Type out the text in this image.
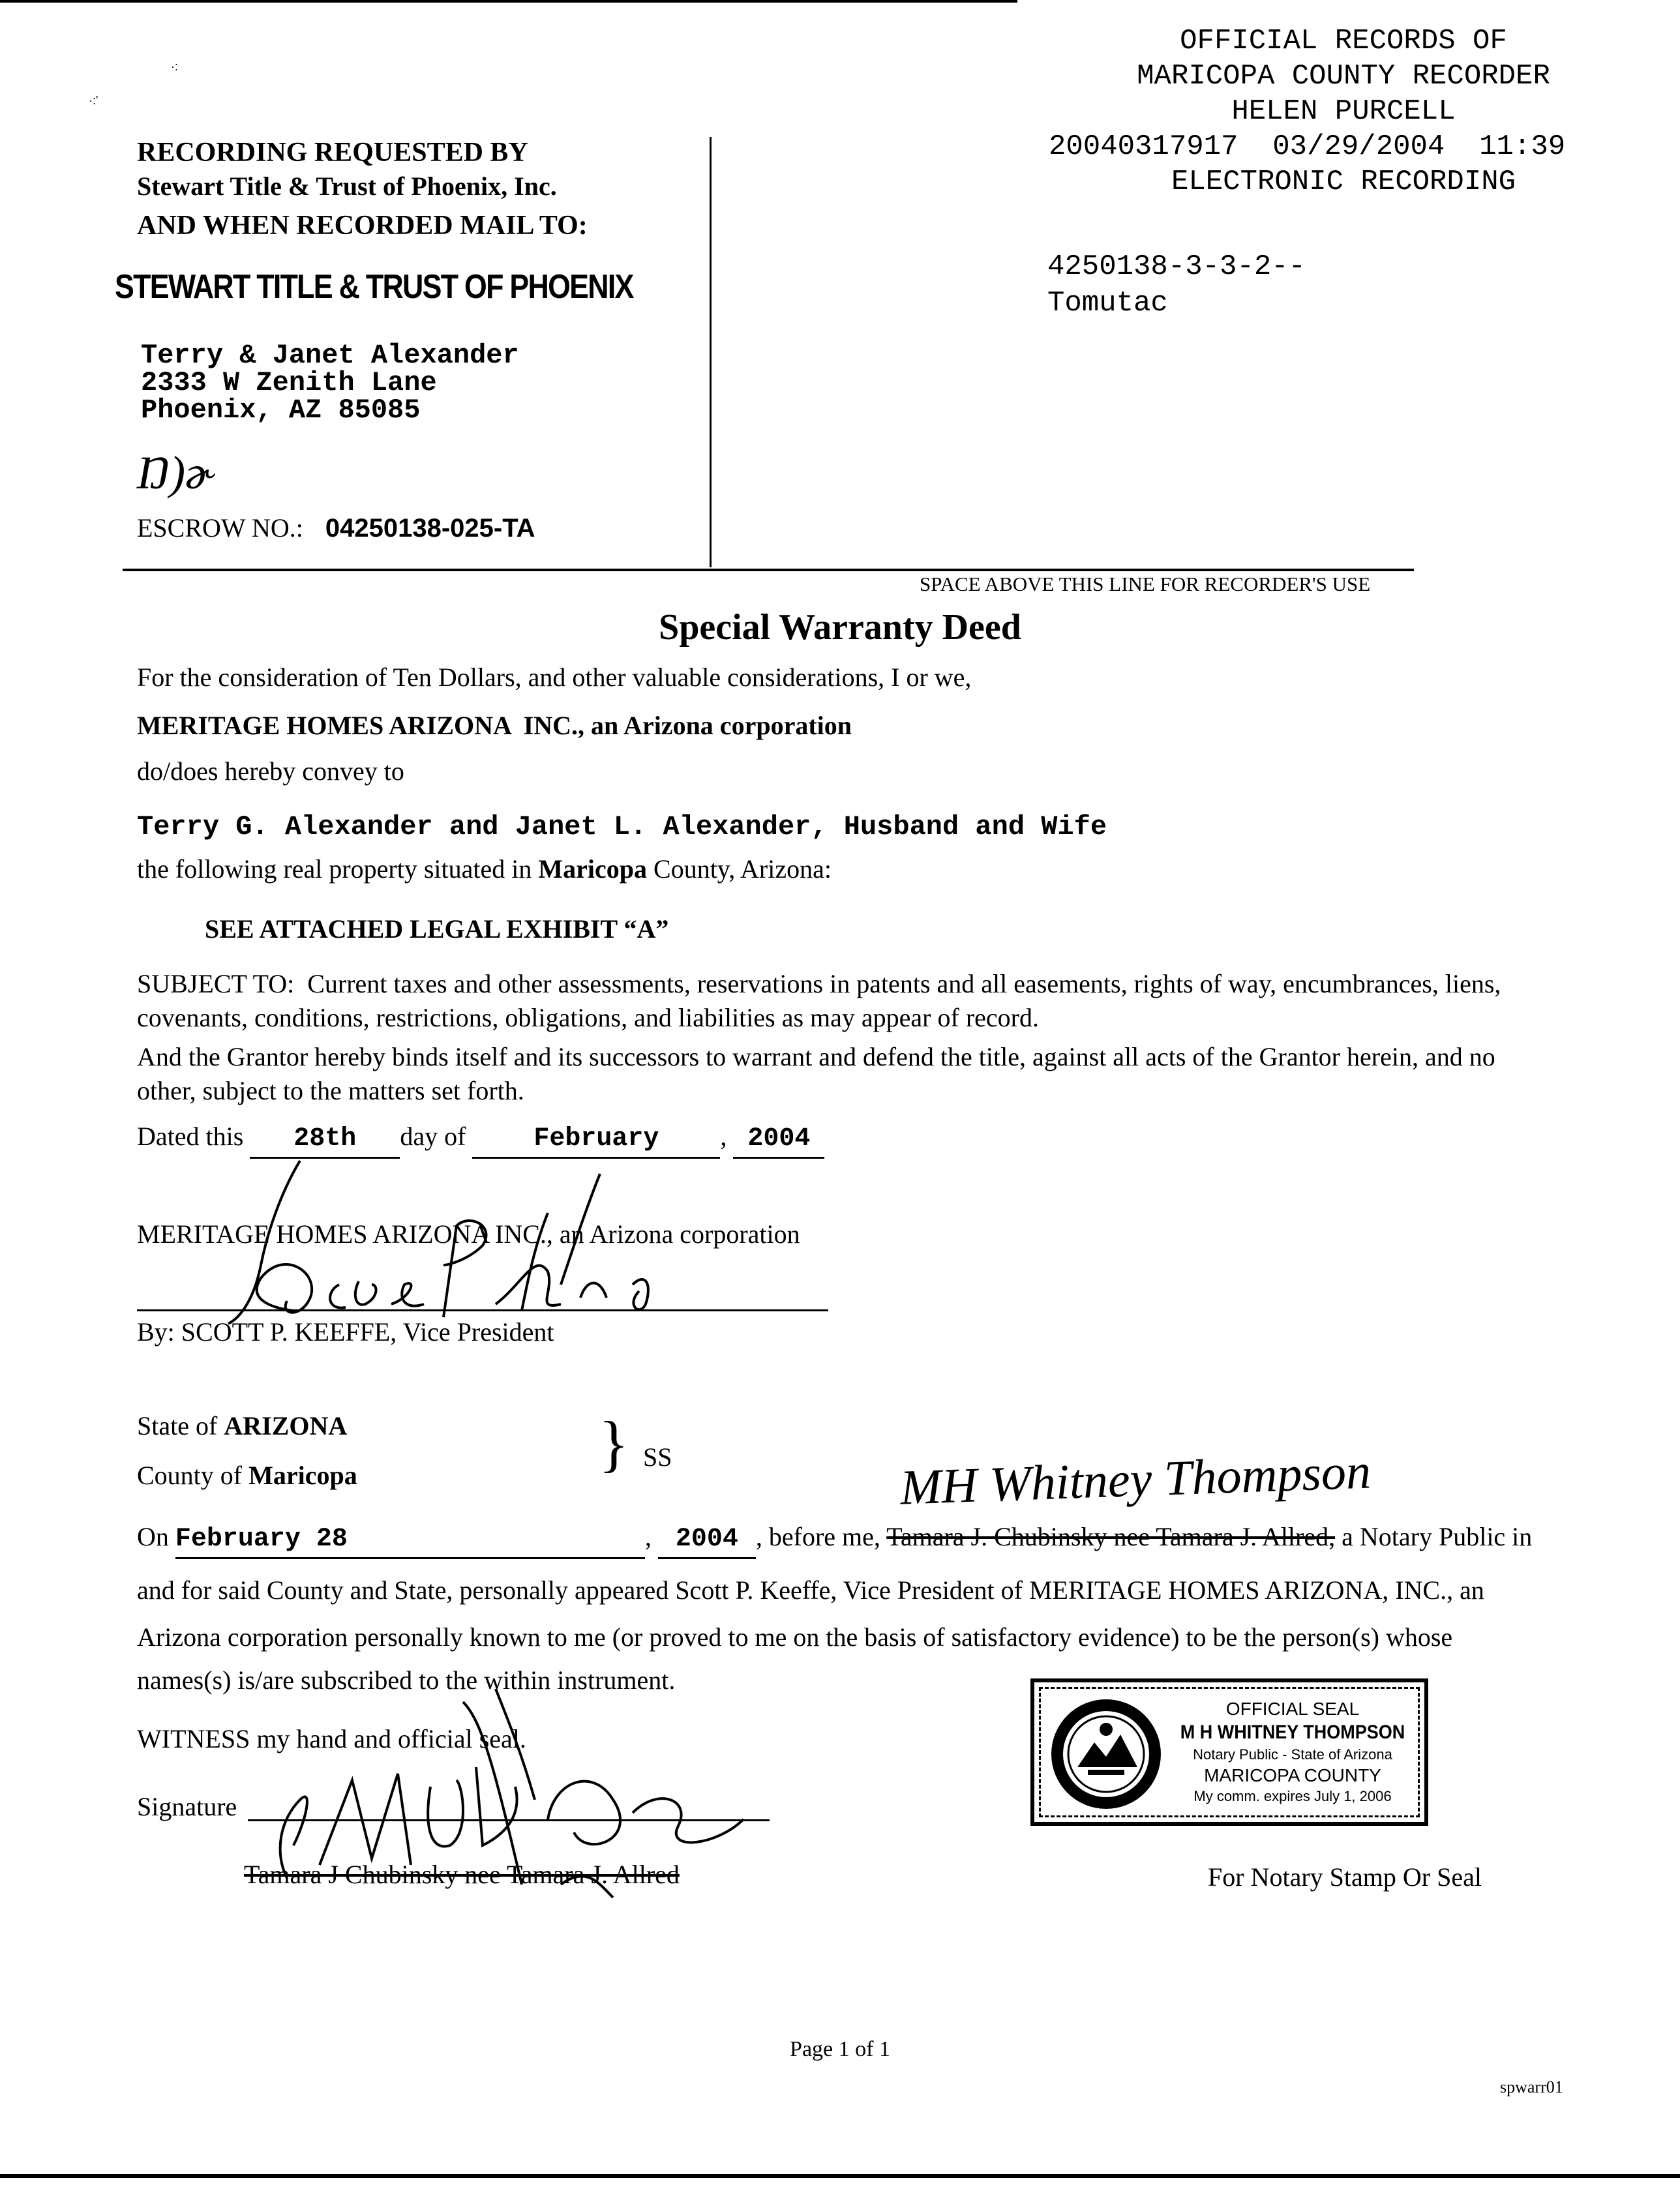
·:
·:'
OFFICIAL RECORDS OF
MARICOPA COUNTY RECORDER
HELEN PURCELL
20040317917 03/29/2004 11:39
ELECTRONIC RECORDING
4250138-3-3-2--
Tomutac
RECORDING REQUESTED BY
Stewart Title & Trust of Phoenix, Inc.
AND WHEN RECORDED MAIL TO:
STEWART TITLE & TRUST OF PHOENIX
Terry & Janet Alexander
2333 W Zenith Lane
Phoenix, AZ 85085
Ŋ)ɚ
ESCROW NO.: 04250138-025-TA
SPACE ABOVE THIS LINE FOR RECORDER'S USE
Special Warranty Deed
For the consideration of Ten Dollars, and other valuable considerations, I or we,
MERITAGE HOMES ARIZONA  INC., an Arizona corporation
do/does hereby convey to
Terry G. Alexander and Janet L. Alexander, Husband and Wife
the following real property situated in Maricopa County, Arizona:
SEE ATTACHED LEGAL EXHIBIT “A”
SUBJECT TO:  Current taxes and other assessments, reservations in patents and all easements, rights of way, encumbrances, liens,
covenants, conditions, restrictions, obligations, and liabilities as may appear of record.
And the Grantor hereby binds itself and its successors to warrant and defend the title, against all acts of the Grantor herein, and no
other, subject to the matters set forth.
Dated this 28th day of	February , 2004
MERITAGE HOMES ARIZONA INC., an Arizona corporation
By: SCOTT P. KEEFFE, Vice President
State of ARIZONA
County of Maricopa	} SS	MH Whitney Thompson
On February 28	, 2004 , before me, Tamara J. Chubinsky nee Tamara J. Allred, a Notary Public in
and for said County and State, personally appeared Scott P. Keeffe, Vice President of MERITAGE HOMES ARIZONA, INC., an
Arizona corporation personally known to me (or proved to me on the basis of satisfactory evidence) to be the person(s) whose
names(s) is/are subscribed to the within instrument.
WITNESS my hand and official seal.
Signature
Tamara J Chubinsky nee Tamara J. Allred
OFFICIAL SEAL
M H WHITNEY THOMPSON
Notary Public - State of Arizona
MARICOPA COUNTY
My comm. expires July 1, 2006
For Notary Stamp Or Seal
Page 1 of 1
spwarr01
